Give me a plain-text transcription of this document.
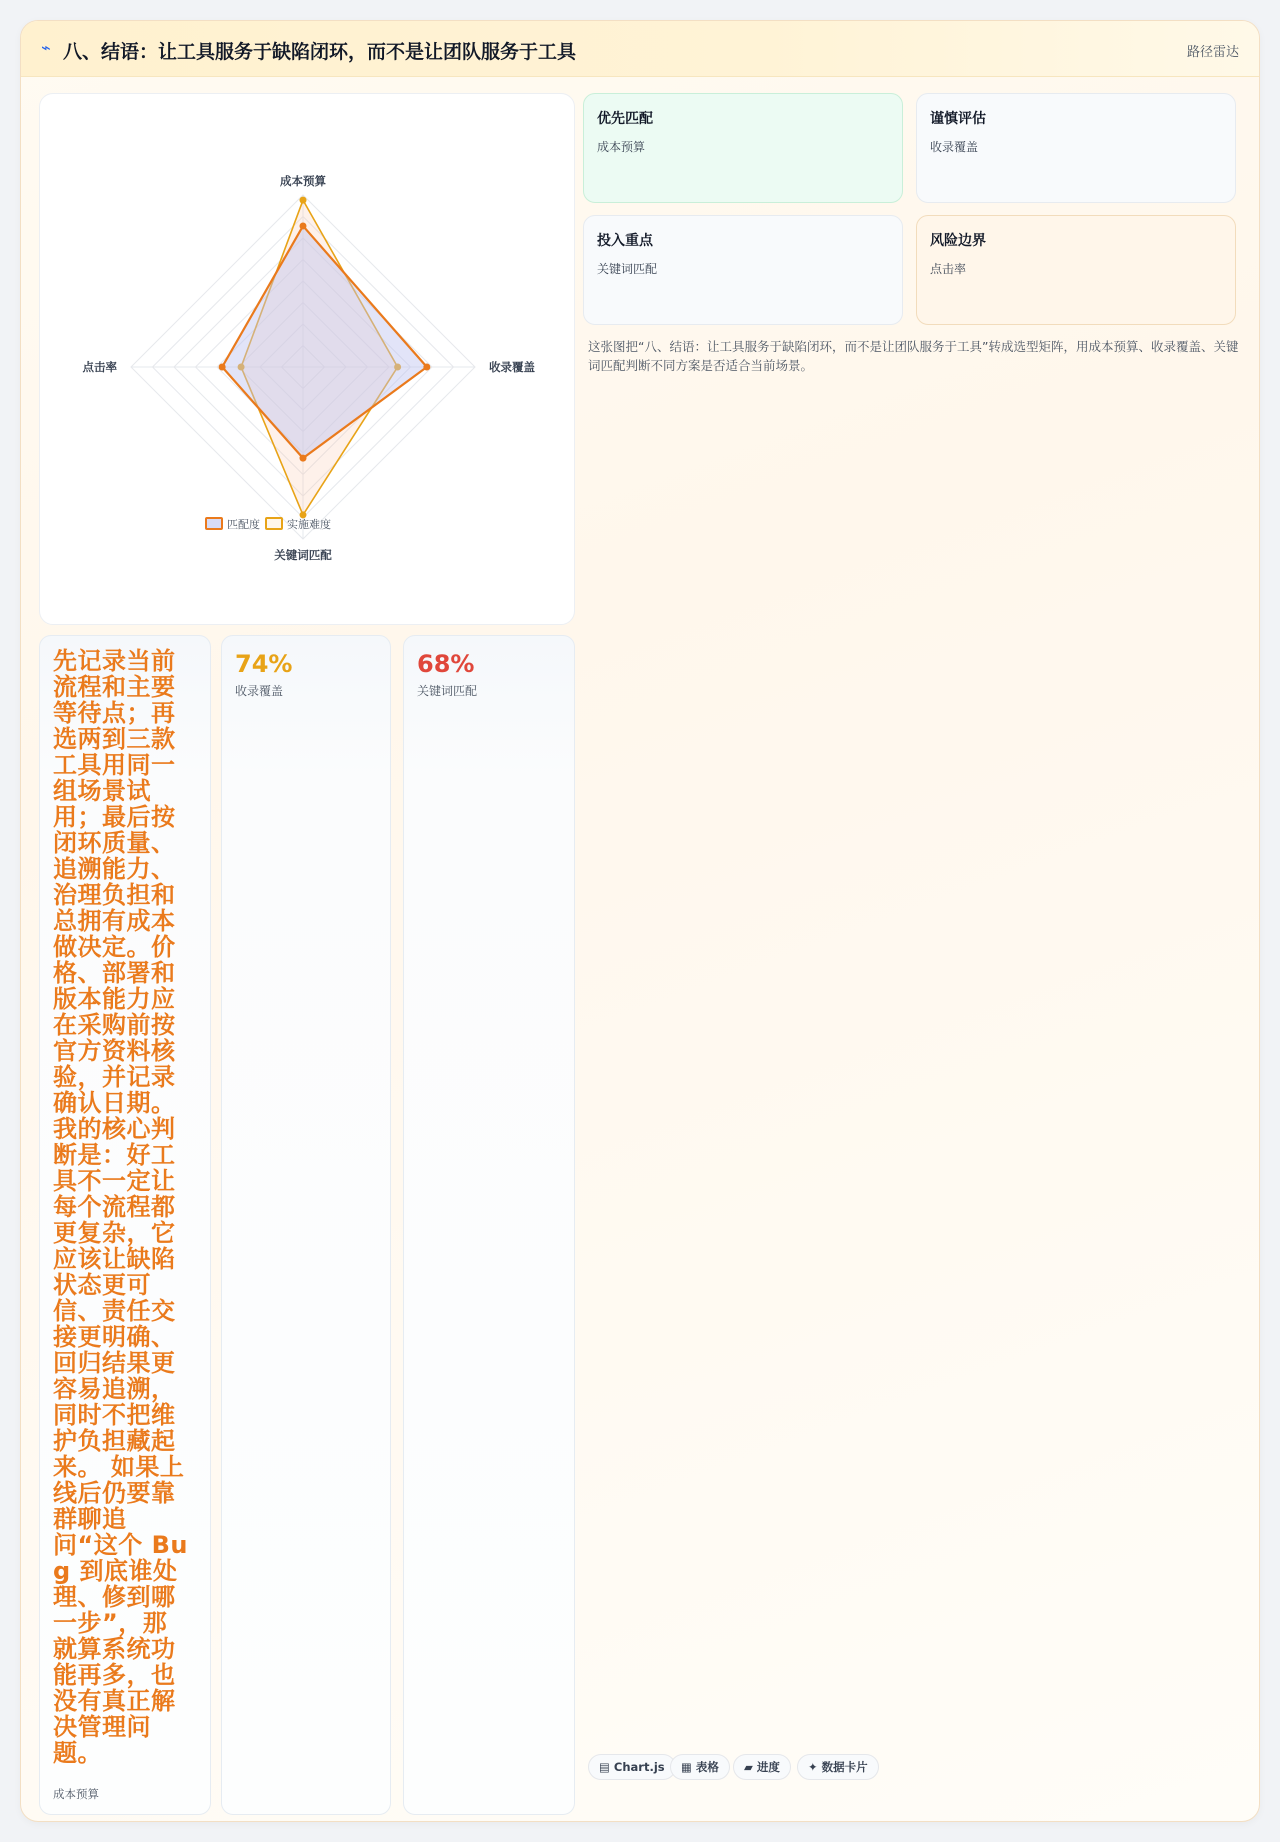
⌁ 八、结语：让工具服务于缺陷闭环，而不是让团队服务于工具	路径雷达
成本预算
收录覆盖
关键词匹配
点击率
匹配度 实施难度
优先匹配
成本预算
谨慎评估
收录覆盖
投入重点
关键词匹配
风险边界
点击率
这张图把“八、结语：让工具服务于缺陷闭环，而不是让团队服务于工具”转成选型矩阵，用成本预算、收录覆盖、关键词匹配判断不同方案是否适合当前场景。
先记录当前流程和主要等待点；再选两到三款工具用同一组场景试用；最后按闭环质量、追溯能力、治理负担和总拥有成本做决定。价格、部署和版本能力应在采购前按官方资料核验，并记录确认日期。我的核心判断是：好工具不一定让每个流程都更复杂，它应该让缺陷状态更可信、责任交接更明确、回归结果更容易追溯，同时不把维护负担藏起来。 如果上线后仍要靠群聊追问“这个 Bug 到底谁处理、修到哪一步”，那就算系统功能再多，也没有真正解决管理问题。
成本预算
74%
收录覆盖
68%
关键词匹配
▤ Chart.js	▦ 表格	▰ 进度	✦ 数据卡片
